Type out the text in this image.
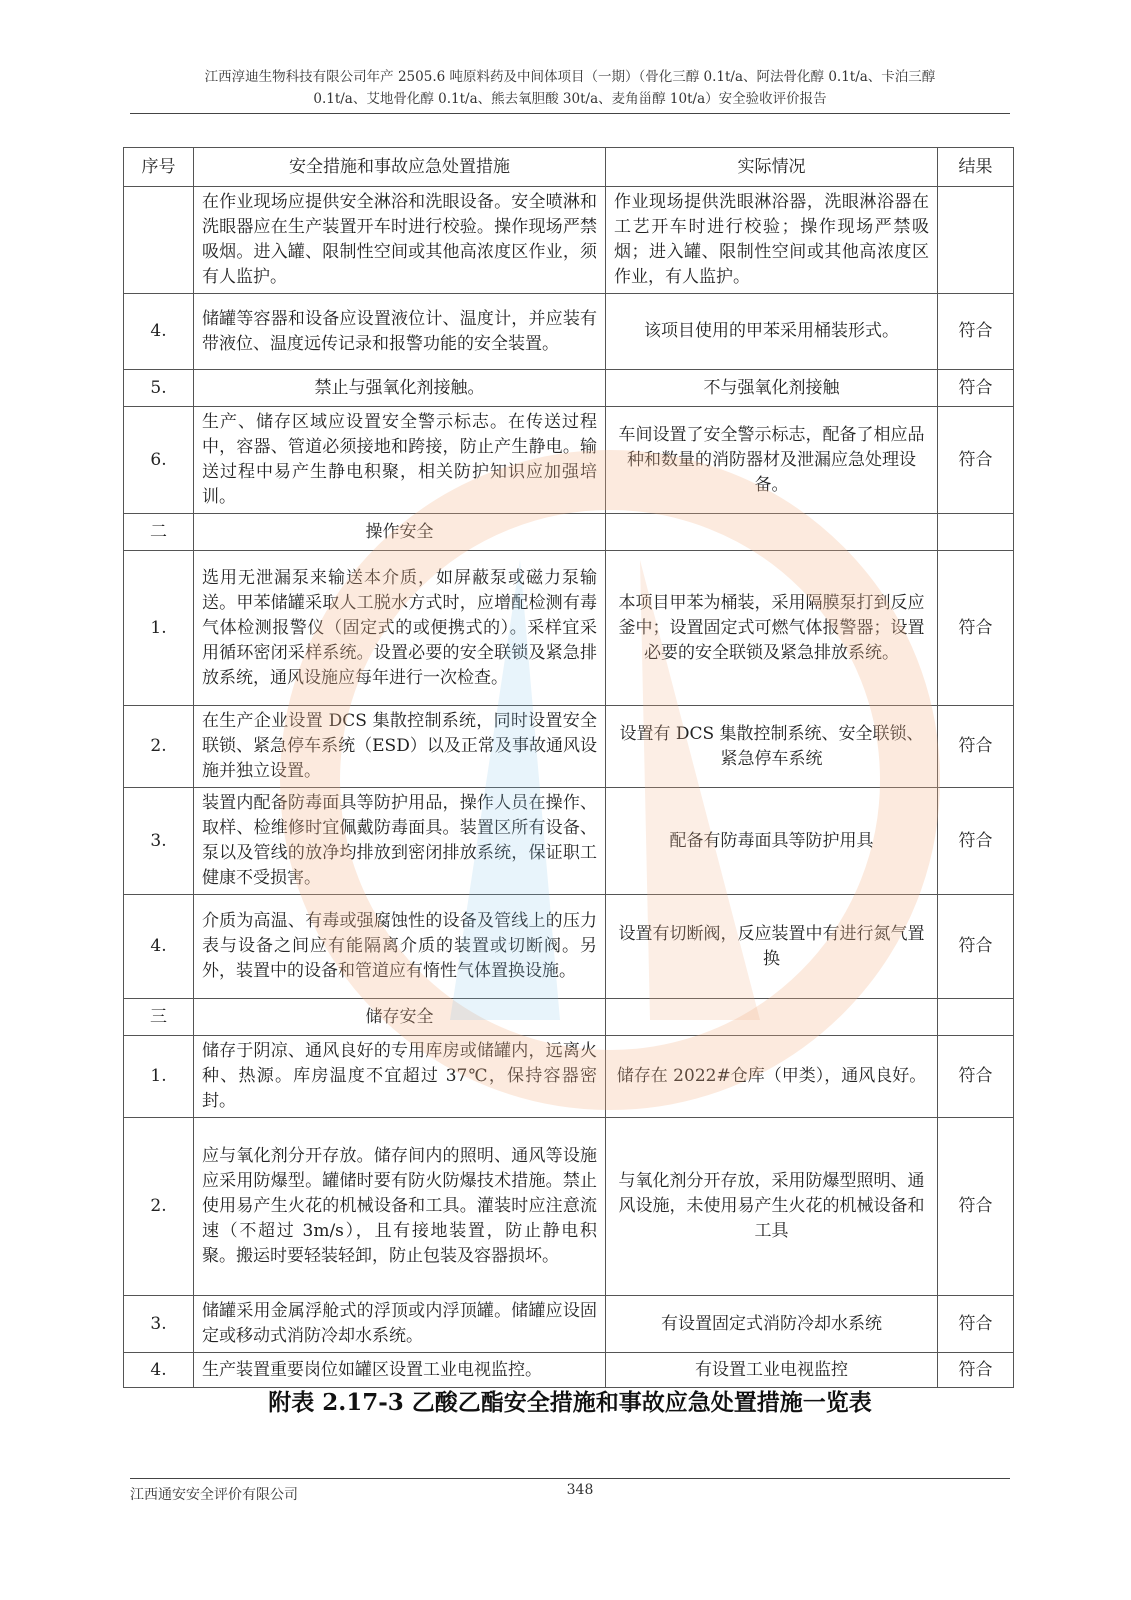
江西淳迪生物科技有限公司年产 2505.6 吨原料药及中间体项目（一期）（骨化三醇 0.1t/a、阿法骨化醇 0.1t/a、卡泊三醇
0.1t/a、艾地骨化醇 0.1t/a、熊去氧胆酸 30t/a、麦角甾醇 10t/a）安全验收评价报告
序号	安全措施和事故应急处置措施	实际情况	结果
	在作业现场应提供安全淋浴和洗眼设备。安全喷淋和洗眼器应在生产装置开车时进行校验。操作现场严禁吸烟。进入罐、限制性空间或其他高浓度区作业，须有人监护。	作业现场提供洗眼淋浴器，洗眼淋浴器在工艺开车时进行校验；操作现场严禁吸烟；进入罐、限制性空间或其他高浓度区作业，有人监护。	
4.	储罐等容器和设备应设置液位计、温度计，并应装有带液位、温度远传记录和报警功能的安全装置。	该项目使用的甲苯采用桶装形式。	符合
5.	禁止与强氧化剂接触。	不与强氧化剂接触	符合
6.	生产、储存区域应设置安全警示标志。在传送过程中，容器、管道必须接地和跨接，防止产生静电。输送过程中易产生静电积聚，相关防护知识应加强培训。	车间设置了安全警示标志，配备了相应品种和数量的消防器材及泄漏应急处理设备。	符合
二	操作安全		
1.	选用无泄漏泵来输送本介质，如屏蔽泵或磁力泵输送。甲苯储罐采取人工脱水方式时，应增配检测有毒气体检测报警仪（固定式的或便携式的）。采样宜采用循环密闭采样系统。设置必要的安全联锁及紧急排放系统，通风设施应每年进行一次检查。	本项目甲苯为桶装，采用隔膜泵打到反应釜中；设置固定式可燃气体报警器；设置必要的安全联锁及紧急排放系统。	符合
2.	在生产企业设置 DCS 集散控制系统，同时设置安全联锁、紧急停车系统（ESD）以及正常及事故通风设施并独立设置。	设置有 DCS 集散控制系统、安全联锁、紧急停车系统	符合
3.	装置内配备防毒面具等防护用品，操作人员在操作、取样、检维修时宜佩戴防毒面具。装置区所有设备、泵以及管线的放净均排放到密闭排放系统，保证职工健康不受损害。	配备有防毒面具等防护用具	符合
4.	介质为高温、有毒或强腐蚀性的设备及管线上的压力表与设备之间应有能隔离介质的装置或切断阀。另外，装置中的设备和管道应有惰性气体置换设施。	设置有切断阀，反应装置中有进行氮气置换	符合
三	储存安全		
1.	储存于阴凉、通风良好的专用库房或储罐内，远离火种、热源。库房温度不宜超过 37℃，保持容器密封。	储存在 2022#仓库（甲类），通风良好。	符合
2.	应与氧化剂分开存放。储存间内的照明、通风等设施应采用防爆型。罐储时要有防火防爆技术措施。禁止使用易产生火花的机械设备和工具。灌装时应注意流速（不超过 3m/s），且有接地装置，防止静电积聚。搬运时要轻装轻卸，防止包装及容器损坏。	与氧化剂分开存放，采用防爆型照明、通风设施，未使用易产生火花的机械设备和工具	符合
3.	储罐采用金属浮舱式的浮顶或内浮顶罐。储罐应设固定或移动式消防冷却水系统。	有设置固定式消防冷却水系统	符合
4.	生产装置重要岗位如罐区设置工业电视监控。	有设置工业电视监控	符合
附表 2.17-3 乙酸乙酯安全措施和事故应急处置措施一览表
江西通安安全评价有限公司	348
